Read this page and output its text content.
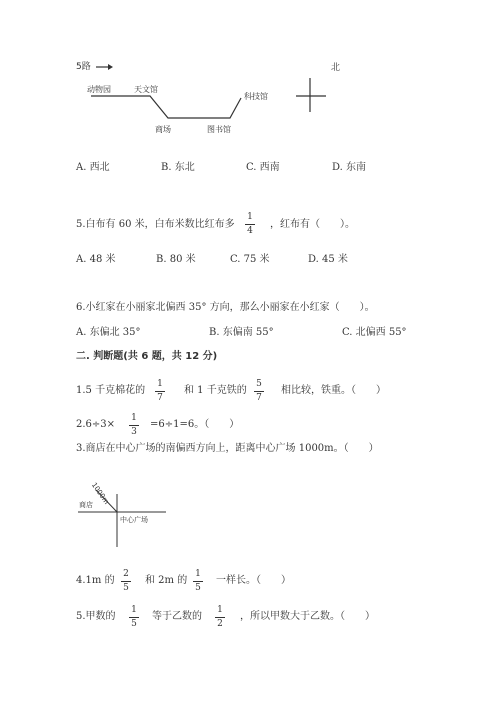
5路
动物园	天文馆
商场	图书馆
科技馆
北
A. 西北	B. 东北	C. 西南	D. 东南
5.白布有 60 米，白布米数比红布多
1
4
，红布有（　　）。
A. 48 米	B. 80 米	C. 75 米	D. 45 米
6.小红家在小丽家北偏西 35° 方向，那么小丽家在小红家（　　）。
A. 东偏北 35°	B. 东偏南 55°	C. 北偏西 55°
二. 判断题(共 6 题，共 12 分)
1.5 千克棉花的
1
7
和 1 千克铁的
5
7
相比较，铁重。（　　）
2.6÷3×
1
3
=6÷1=6。（　　）
3.商店在中心广场的南偏西方向上，距离中心广场 1000m。（　　）
商店
1000m
中心广场
4.1m 的
2
5
和 2m 的
1
5
一样长。（　　）
5.甲数的
1
5
等于乙数的
1
2
，所以甲数大于乙数。（　　）
